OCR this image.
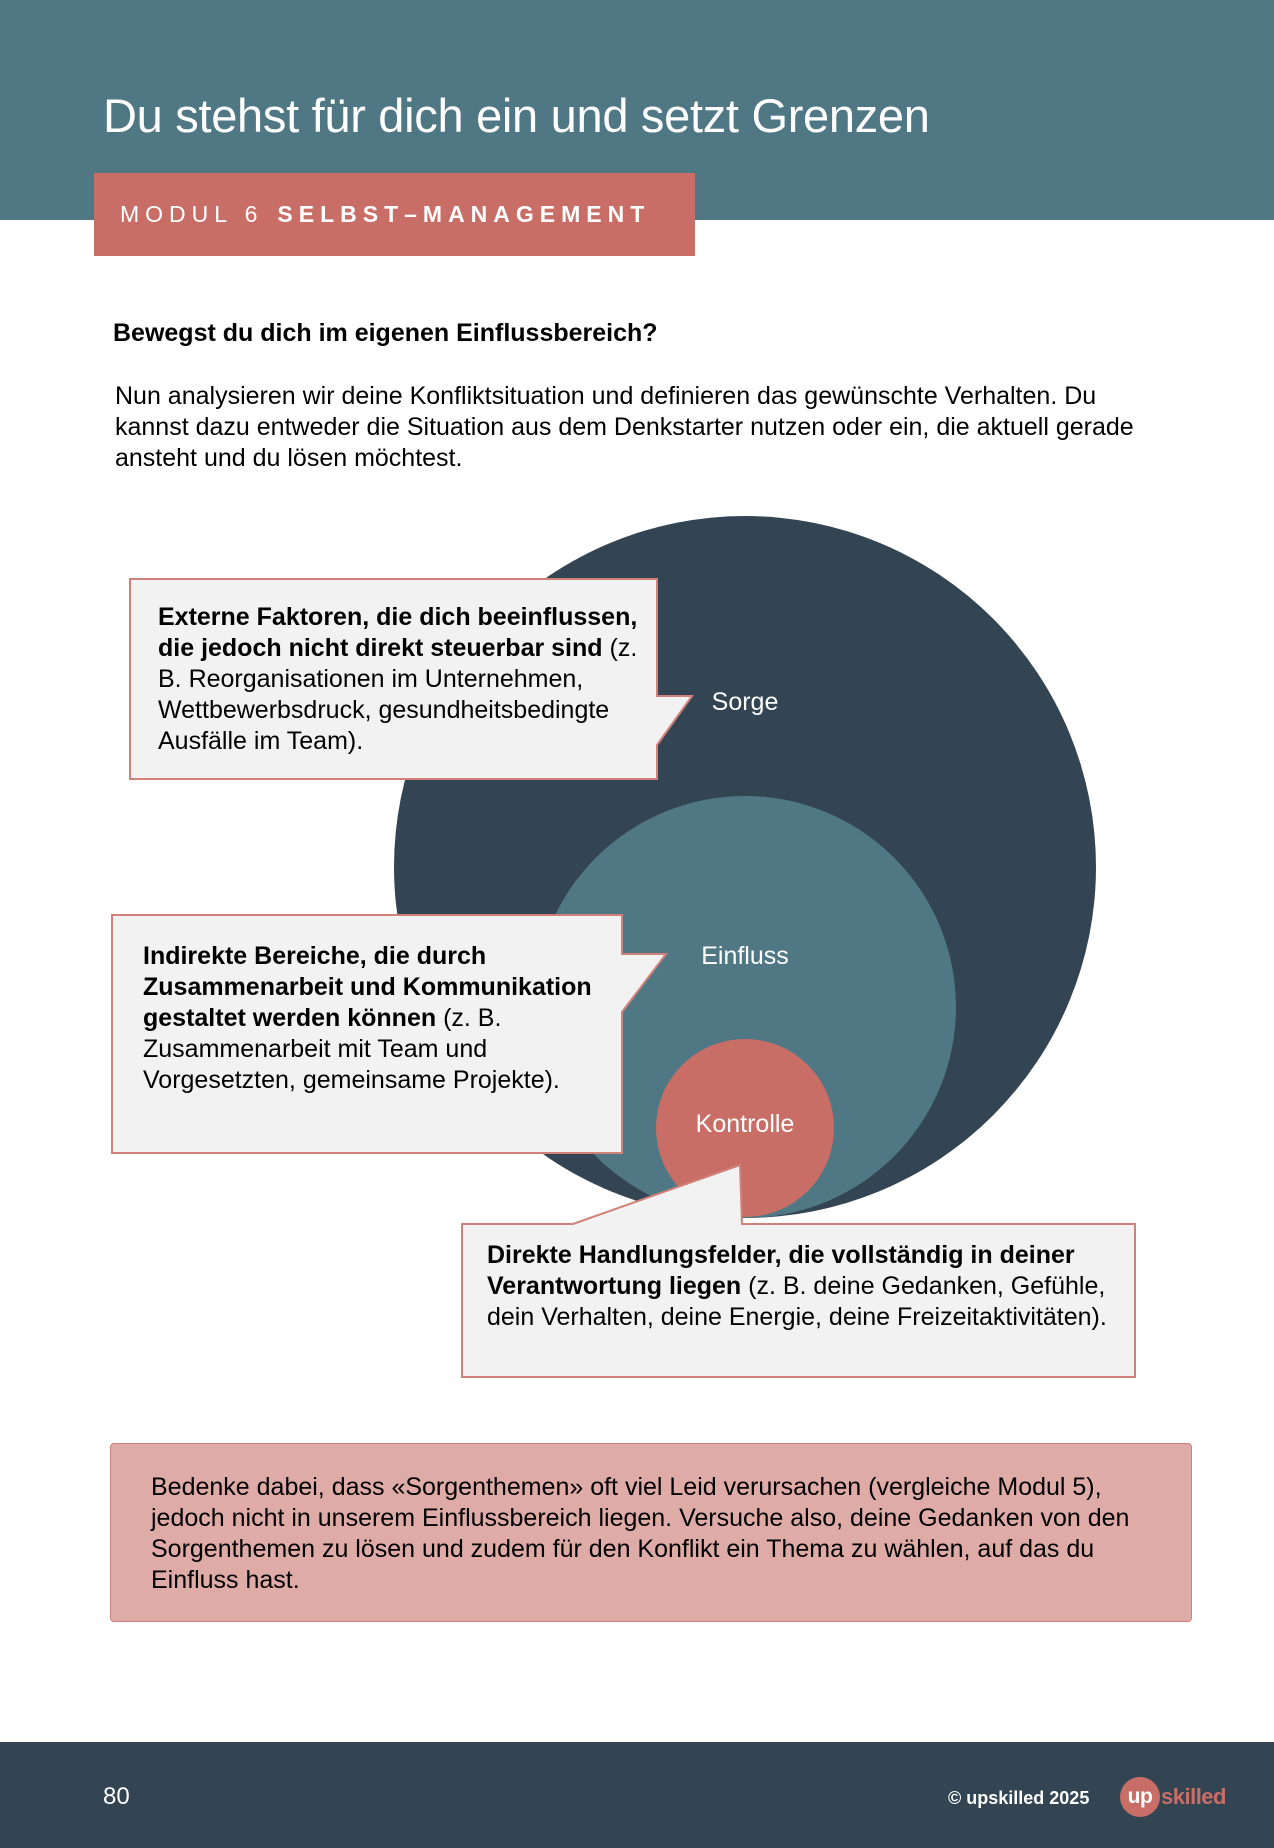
Du stehst für dich ein und setzt Grenzen
MODUL 6 SELBST–MANAGEMENT
Bewegst du dich im eigenen Einflussbereich?

Nun analysieren wir deine Konfliktsituation und definieren das gewünschte Verhalten. Du kannst dazu entweder die Situation aus dem Denkstarter nutzen oder ein, die aktuell gerade ansteht und du lösen möchtest.

Sorge
Einfluss
Kontrolle

Externe Faktoren, die dich beeinflussen, die jedoch nicht direkt steuerbar sind (z. B. Reorganisationen im Unternehmen, Wettbewerbsdruck, gesundheitsbedingte Ausfälle im Team).

Indirekte Bereiche, die durch Zusammenarbeit und Kommunikation gestaltet werden können (z. B. Zusammenarbeit mit Team und Vorgesetzten, gemeinsame Projekte).

Direkte Handlungsfelder, die vollständig in deiner Verantwortung liegen (z. B. deine Gedanken, Gefühle, dein Verhalten, deine Energie, deine Freizeitaktivitäten).

Bedenke dabei, dass «Sorgenthemen» oft viel Leid verursachen (vergleiche Modul 5), jedoch nicht in unserem Einflussbereich liegen. Versuche also, deine Gedanken von den Sorgenthemen zu lösen und zudem für den Konflikt ein Thema zu wählen, auf das du Einfluss hast.

80	© upskilled 2025	up skilled
